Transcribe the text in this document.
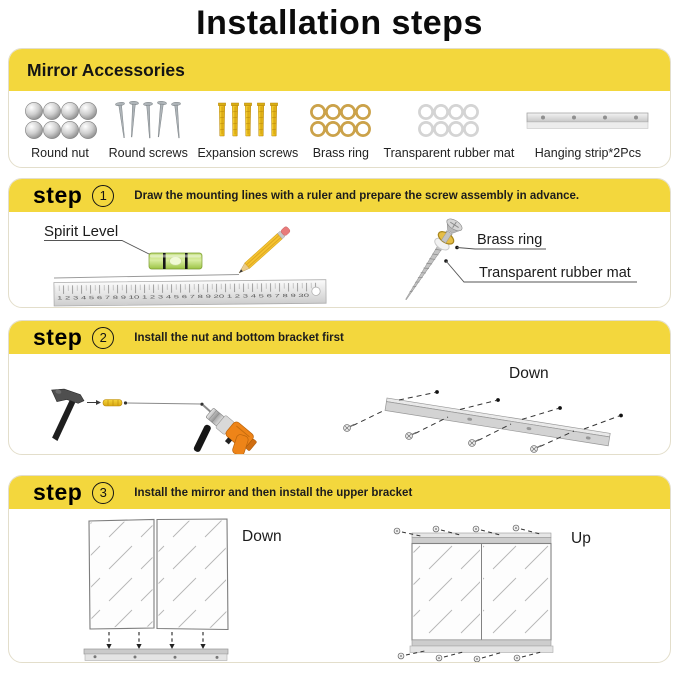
Installation steps
Mirror Accessories
Round nut Round screws Expansion screws Brass ring Transparent rubber mat Hanging strip*2Pcs
step	1	Draw the mounting lines with a ruler and prepare the screw assembly in advance.
1 2 3 4 5 6 7 8 9 10 1 2 3 4 5 6 7 8 9 20 1 2 3 4 5 6 7 8 9 30
Spirit Level	Brass ring
Transparent rubber mat
step	2	Install the nut and bottom bracket first
Down
step	3	Install the mirror and then install the upper bracket
Down	Up
